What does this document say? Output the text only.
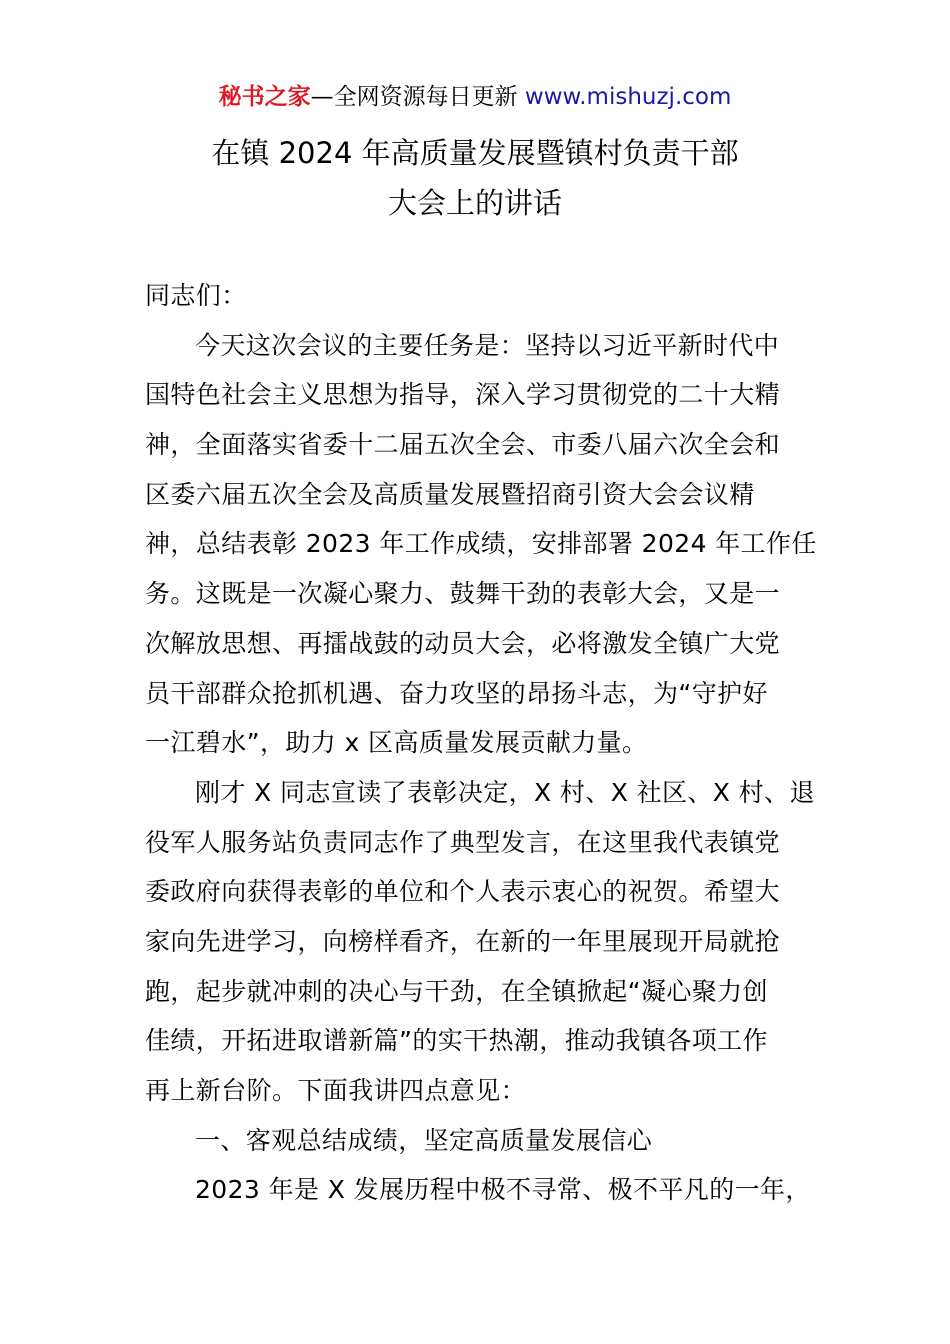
秘书之家—全网资源每日更新 www.mishuzj.com
在镇 2024 年高质量发展暨镇村负责干部
大会上的讲话
同志们：
今天这次会议的主要任务是：坚持以习近平新时代中
国特色社会主义思想为指导，深入学习贯彻党的二十大精
神，全面落实省委十二届五次全会、市委八届六次全会和
区委六届五次全会及高质量发展暨招商引资大会会议精
神，总结表彰 2023 年工作成绩，安排部署 2024 年工作任
务。这既是一次凝心聚力、鼓舞干劲的表彰大会，又是一
次解放思想、再擂战鼓的动员大会，必将激发全镇广大党
员干部群众抢抓机遇、奋力攻坚的昂扬斗志，为“守护好
一江碧水”，助力 x 区高质量发展贡献力量。
刚才 X 同志宣读了表彰决定，X 村、X 社区、X 村、退
役军人服务站负责同志作了典型发言，在这里我代表镇党
委政府向获得表彰的单位和个人表示衷心的祝贺。希望大
家向先进学习，向榜样看齐，在新的一年里展现开局就抢
跑，起步就冲刺的决心与干劲，在全镇掀起“凝心聚力创
佳绩，开拓进取谱新篇”的实干热潮，推动我镇各项工作
再上新台阶。下面我讲四点意见：
一、客观总结成绩，坚定高质量发展信心
2023 年是 X 发展历程中极不寻常、极不平凡的一年，
